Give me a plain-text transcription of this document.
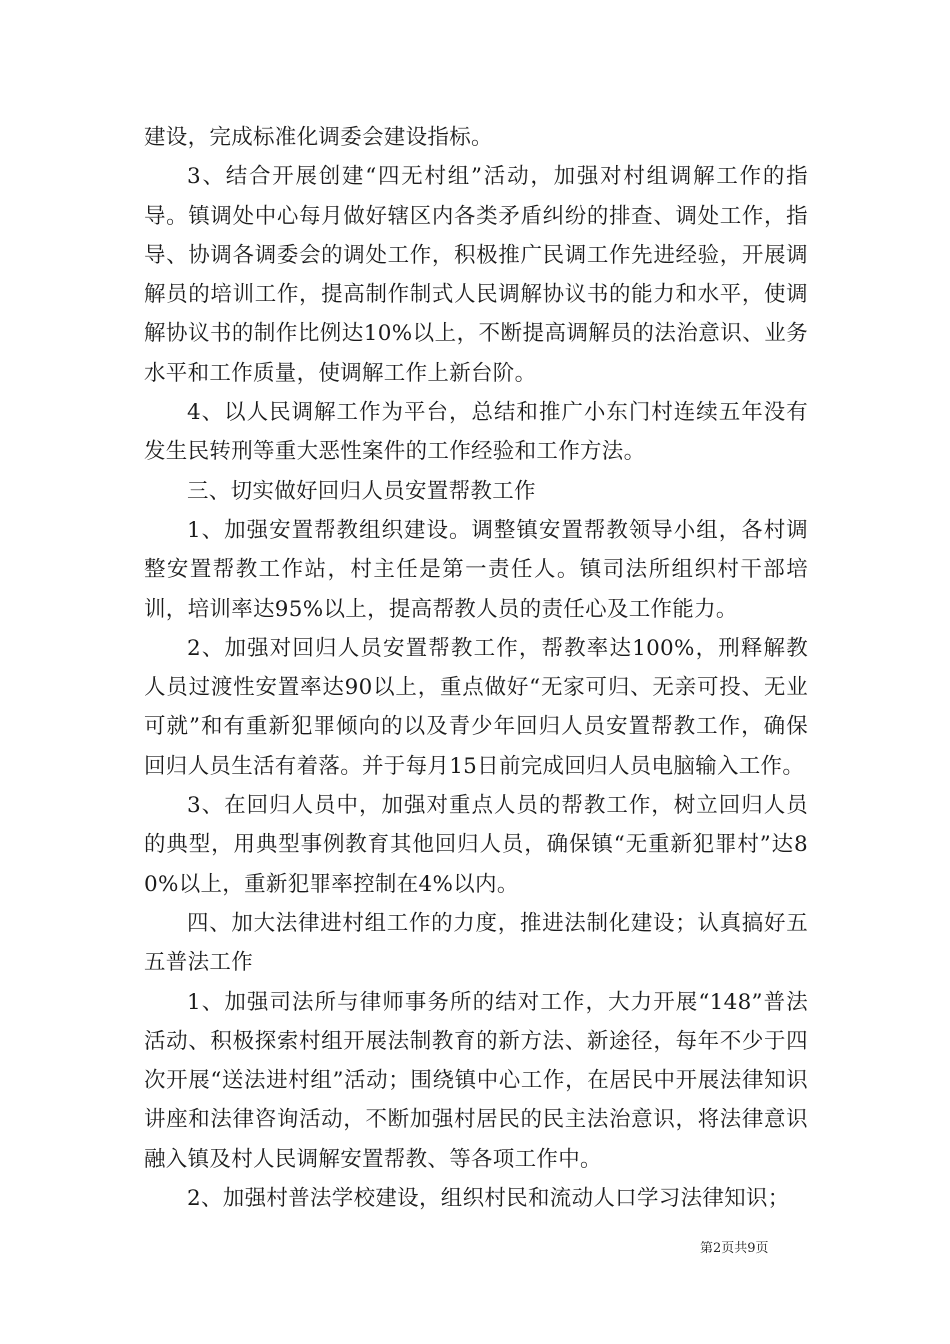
建设，完成标准化调委会建设指标。

3、结合开展创建“四无村组”活动，加强对村组调解工作的指导。镇调处中心每月做好辖区内各类矛盾纠纷的排查、调处工作，指导、协调各调委会的调处工作，积极推广民调工作先进经验，开展调解员的培训工作，提高制作制式人民调解协议书的能力和水平，使调解协议书的制作比例达10%以上，不断提高调解员的法治意识、业务水平和工作质量，使调解工作上新台阶。

4、以人民调解工作为平台，总结和推广小东门村连续五年没有发生民转刑等重大恶性案件的工作经验和工作方法。

三、切实做好回归人员安置帮教工作

1、加强安置帮教组织建设。调整镇安置帮教领导小组，各村调整安置帮教工作站，村主任是第一责任人。镇司法所组织村干部培训，培训率达95%以上，提高帮教人员的责任心及工作能力。

2、加强对回归人员安置帮教工作，帮教率达100%，刑释解教人员过渡性安置率达90以上，重点做好“无家可归、无亲可投、无业可就”和有重新犯罪倾向的以及青少年回归人员安置帮教工作，确保回归人员生活有着落。并于每月15日前完成回归人员电脑输入工作。

3、在回归人员中，加强对重点人员的帮教工作，树立回归人员的典型，用典型事例教育其他回归人员，确保镇“无重新犯罪村”达80%以上，重新犯罪率控制在4%以内。

四、加大法律进村组工作的力度，推进法制化建设；认真搞好五五普法工作

1、加强司法所与律师事务所的结对工作，大力开展“148”普法活动、积极探索村组开展法制教育的新方法、新途径，每年不少于四次开展“送法进村组”活动；围绕镇中心工作，在居民中开展法律知识讲座和法律咨询活动，不断加强村居民的民主法治意识，将法律意识融入镇及村人民调解安置帮教、等各项工作中。

2、加强村普法学校建设，组织村民和流动人口学习法律知识；

第2页共9页
